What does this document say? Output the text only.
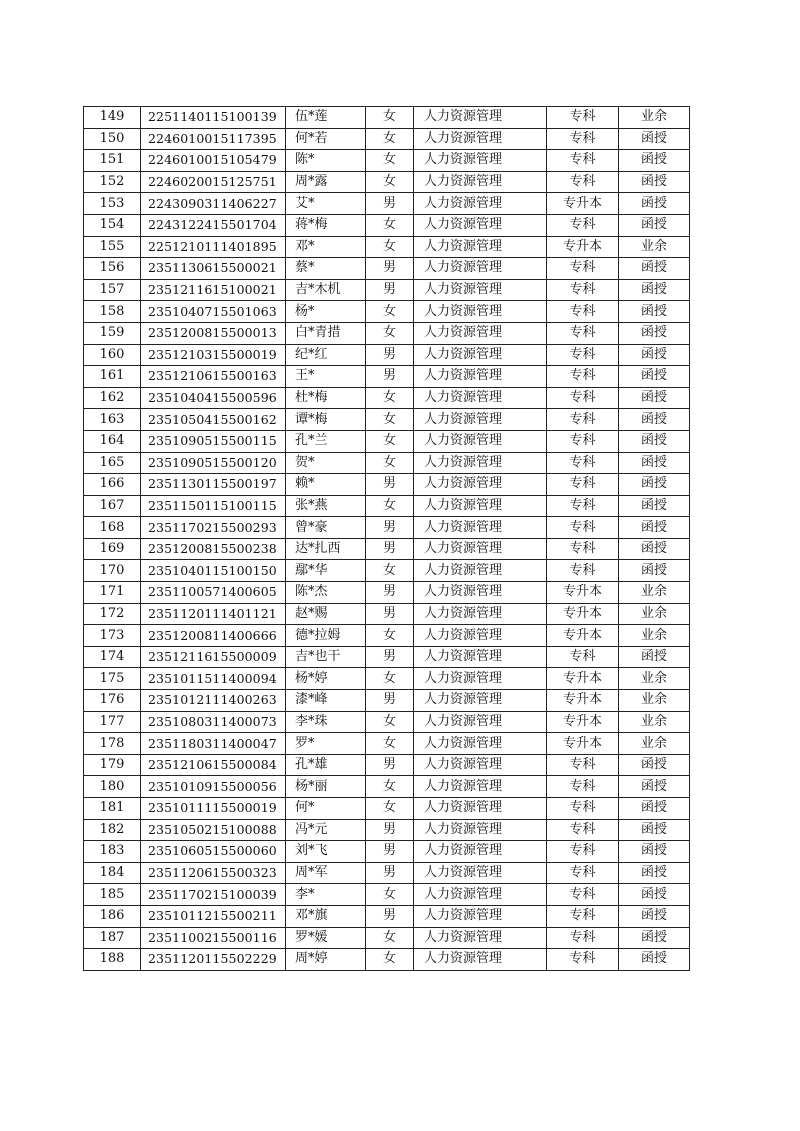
149	2251140115100139	伍*莲	女	人力资源管理	专科	业余
150	2246010015117395	何*若	女	人力资源管理	专科	函授
151	2246010015105479	陈*	女	人力资源管理	专科	函授
152	2246020015125751	周*露	女	人力资源管理	专科	函授
153	2243090311406227	艾*	男	人力资源管理	专升本	函授
154	2243122415501704	蒋*梅	女	人力资源管理	专科	函授
155	2251210111401895	邓*	女	人力资源管理	专升本	业余
156	2351130615500021	蔡*	男	人力资源管理	专科	函授
157	2351211615100021	吉*木机	男	人力资源管理	专科	函授
158	2351040715501063	杨*	女	人力资源管理	专科	函授
159	2351200815500013	白*青措	女	人力资源管理	专科	函授
160	2351210315500019	纪*红	男	人力资源管理	专科	函授
161	2351210615500163	王*	男	人力资源管理	专科	函授
162	2351040415500596	杜*梅	女	人力资源管理	专科	函授
163	2351050415500162	谭*梅	女	人力资源管理	专科	函授
164	2351090515500115	孔*兰	女	人力资源管理	专科	函授
165	2351090515500120	贺*	女	人力资源管理	专科	函授
166	2351130115500197	赖*	男	人力资源管理	专科	函授
167	2351150115100115	张*燕	女	人力资源管理	专科	函授
168	2351170215500293	曾*豪	男	人力资源管理	专科	函授
169	2351200815500238	达*扎西	男	人力资源管理	专科	函授
170	2351040115100150	鄢*华	女	人力资源管理	专科	函授
171	2351100571400605	陈*杰	男	人力资源管理	专升本	业余
172	2351120111401121	赵*赐	男	人力资源管理	专升本	业余
173	2351200811400666	德*拉姆	女	人力资源管理	专升本	业余
174	2351211615500009	吉*也干	男	人力资源管理	专科	函授
175	2351011511400094	杨*婷	女	人力资源管理	专升本	业余
176	2351012111400263	漆*峰	男	人力资源管理	专升本	业余
177	2351080311400073	李*珠	女	人力资源管理	专升本	业余
178	2351180311400047	罗*	女	人力资源管理	专升本	业余
179	2351210615500084	孔*雄	男	人力资源管理	专科	函授
180	2351010915500056	杨*丽	女	人力资源管理	专科	函授
181	2351011115500019	何*	女	人力资源管理	专科	函授
182	2351050215100088	冯*元	男	人力资源管理	专科	函授
183	2351060515500060	刘*飞	男	人力资源管理	专科	函授
184	2351120615500323	周*军	男	人力资源管理	专科	函授
185	2351170215100039	李*	女	人力资源管理	专科	函授
186	2351011215500211	邓*旗	男	人力资源管理	专科	函授
187	2351100215500116	罗*媛	女	人力资源管理	专科	函授
188	2351120115502229	周*婷	女	人力资源管理	专科	函授
